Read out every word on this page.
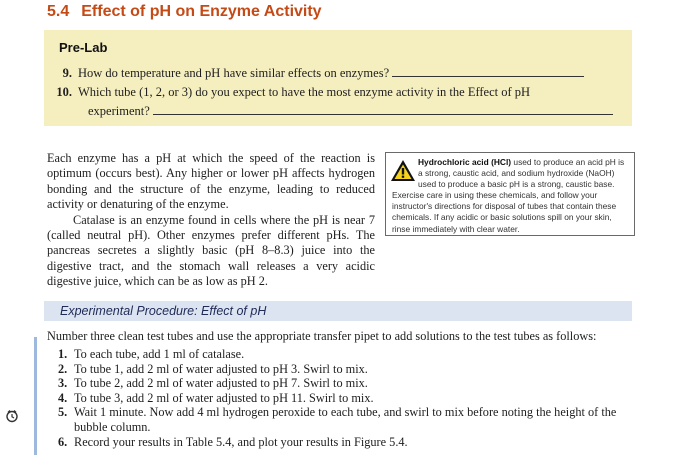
5.4 Effect of pH on Enzyme Activity
Pre-Lab
9. How do temperature and pH have similar effects on enzymes?
10. Which tube (1, 2, or 3) do you expect to have the most enzyme activity in the Effect of pH
experiment?

Each enzyme has a pH at which the speed of the reaction is optimum (occurs best). Any higher or lower pH affects hydrogen bonding and the structure of the enzyme, leading to reduced activity or denaturing of the enzyme.

Catalase is an enzyme found in cells where the pH is near 7 (called neutral pH). Other enzymes prefer different pHs. The pancreas secretes a slightly basic (pH 8–8.3) juice into the digestive tract, and the stomach wall releases a very acidic digestive juice, which can be as low as pH 2.

Hydrochloric acid (HCl) used to produce an acid pH is a strong, caustic acid, and sodium hydroxide (NaOH) used to produce a basic pH is a strong, caustic base. Exercise care in using these chemicals, and follow your instructor's directions for disposal of tubes that contain these chemicals. If any acidic or basic solutions spill on your skin, rinse immediately with clear water.

Experimental Procedure: Effect of pH

Number three clean test tubes and use the appropriate transfer pipet to add solutions to the test tubes as follows:

1. To each tube, add 1 ml of catalase.
2. To tube 1, add 2 ml of water adjusted to pH 3. Swirl to mix.
3. To tube 2, add 2 ml of water adjusted to pH 7. Swirl to mix.
4. To tube 3, add 2 ml of water adjusted to pH 11. Swirl to mix.
5. Wait 1 minute. Now add 4 ml hydrogen peroxide to each tube, and swirl to mix before noting the height of the bubble column.
6. Record your results in Table 5.4, and plot your results in Figure 5.4.
